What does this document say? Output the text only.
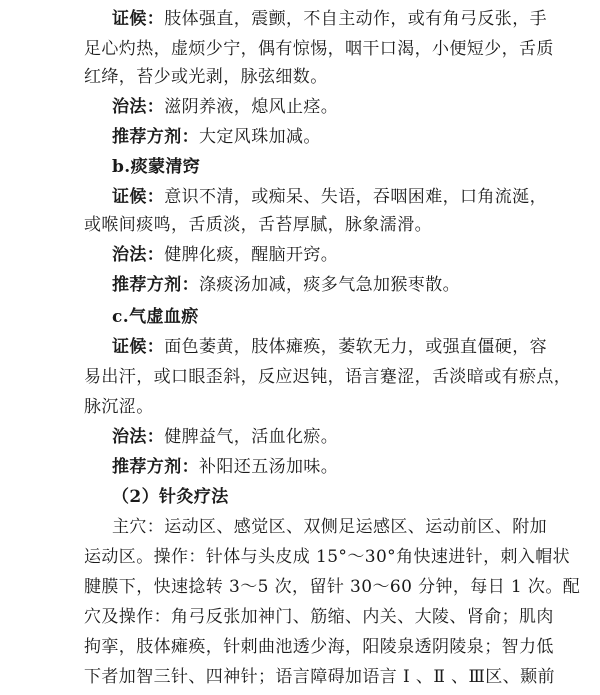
证候：肢体强直，震颤，不自主动作，或有角弓反张，手
足心灼热，虚烦少宁，偶有惊惕，咽干口渴，小便短少，舌质
红绛，苔少或光剥，脉弦细数。
治法：滋阴养液，熄风止痉。
推荐方剂：大定风珠加减。
b.痰蒙清窍
证候：意识不清，或痴呆、失语，吞咽困难，口角流涎，
或喉间痰鸣，舌质淡，舌苔厚腻，脉象濡滑。
治法：健脾化痰，醒脑开窍。
推荐方剂：涤痰汤加减，痰多气急加猴枣散。
c.气虚血瘀
证候：面色萎黄，肢体瘫痪，萎软无力，或强直僵硬，容
易出汗，或口眼歪斜，反应迟钝，语言蹇涩，舌淡暗或有瘀点，
脉沉涩。
治法：健脾益气，活血化瘀。
推荐方剂：补阳还五汤加味。
（2）针灸疗法
主穴：运动区、感觉区、双侧足运感区、运动前区、附加
运动区。操作：针体与头皮成 15°～30°角快速进针，刺入帽状
腱膜下，快速捻转 3～5 次，留针 30～60 分钟，每日 1 次。配
穴及操作：角弓反张加神门、筋缩、内关、大陵、肾俞；肌肉
拘挛，肢体瘫痪，针刺曲池透少海，阳陵泉透阴陵泉；智力低
下者加智三针、四神针；语言障碍加语言 Ⅰ 、Ⅱ 、Ⅲ区、颞前
